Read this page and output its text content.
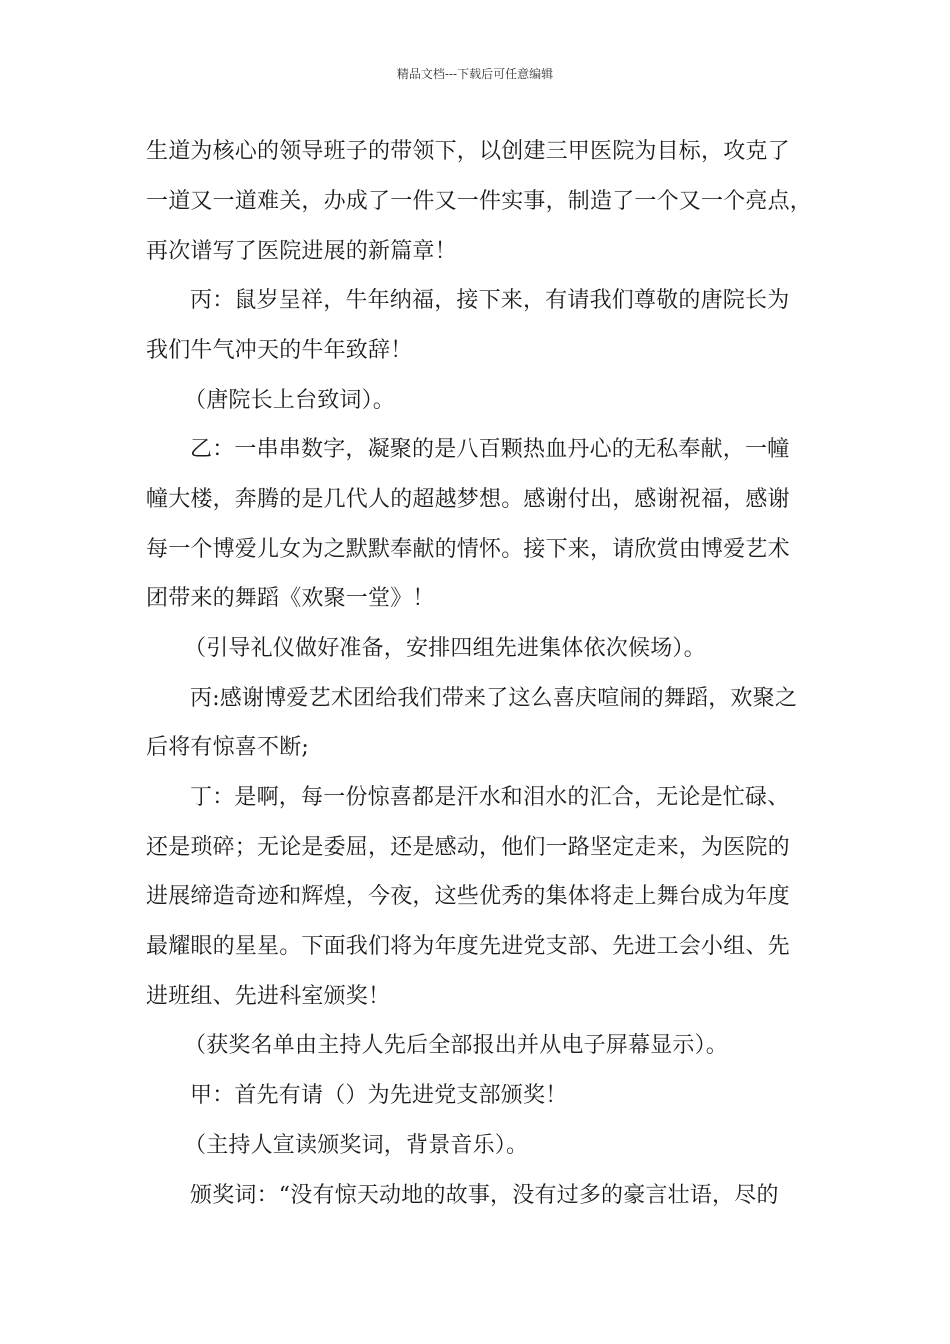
精品文档---下载后可任意编辑
生道为核心的领导班子的带领下，以创建三甲医院为目标，攻克了
一道又一道难关，办成了一件又一件实事，制造了一个又一个亮点，
再次谱写了医院进展的新篇章！
丙：鼠岁呈祥，牛年纳福，接下来，有请我们尊敬的唐院长为
我们牛气冲天的牛年致辞！
（唐院长上台致词）。
乙：一串串数字，凝聚的是八百颗热血丹心的无私奉献，一幢
幢大楼，奔腾的是几代人的超越梦想。感谢付出，感谢祝福，感谢
每一个博爱儿女为之默默奉献的情怀。接下来，请欣赏由博爱艺术
团带来的舞蹈《欢聚一堂》！
（引导礼仪做好准备，安排四组先进集体依次候场）。
丙:感谢博爱艺术团给我们带来了这么喜庆喧闹的舞蹈，欢聚之
后将有惊喜不断;
丁：是啊，每一份惊喜都是汗水和泪水的汇合，无论是忙碌、
还是琐碎；无论是委屈，还是感动，他们一路坚定走来，为医院的
进展缔造奇迹和辉煌，今夜，这些优秀的集体将走上舞台成为年度
最耀眼的星星。下面我们将为年度先进党支部、先进工会小组、先
进班组、先进科室颁奖！
（获奖名单由主持人先后全部报出并从电子屏幕显示）。
甲：首先有请（）为先进党支部颁奖！
（主持人宣读颁奖词，背景音乐）。
颁奖词：“没有惊天动地的故事，没有过多的豪言壮语，尽的
